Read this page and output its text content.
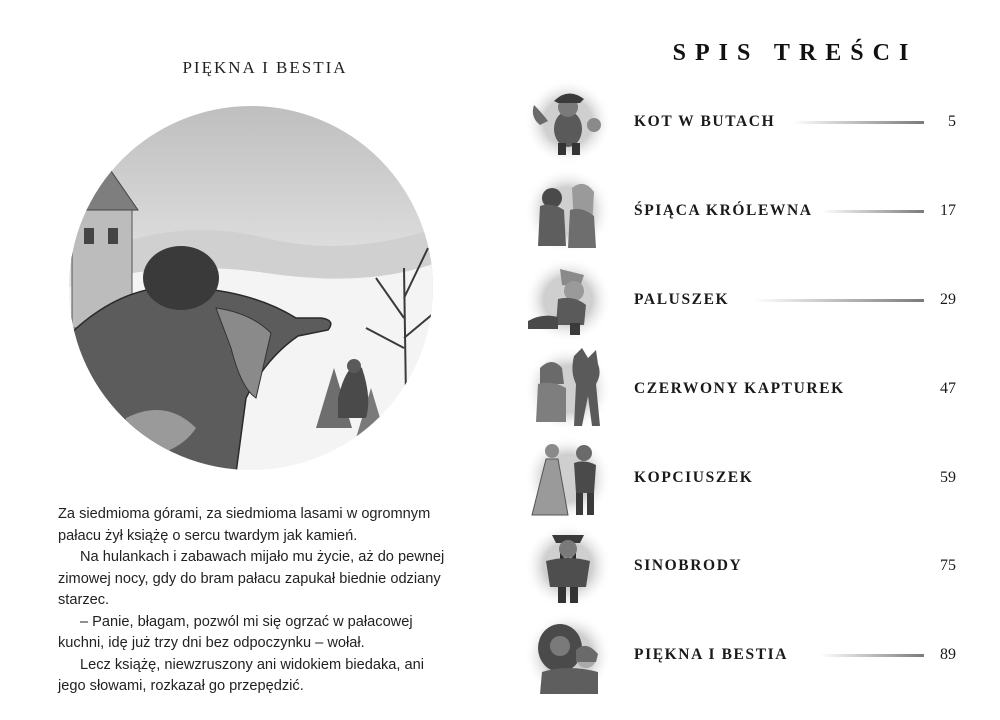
PIĘKNA I BESTIA

Za siedmioma górami, za siedmioma lasami w ogromnym pałacu żył książę o sercu twardym jak kamień.

Na hulankach i zabawach mijało mu życie, aż do pewnej zimowej nocy, gdy do bram pałacu zapukał biednie odziany starzec.

– Panie, błagam, pozwól mi się ogrzać w pałacowej kuchni, idę już trzy dni bez odpoczynku – wołał.

Lecz książę, niewzruszony ani widokiem biedaka, ani jego słowami, rozkazał go przepędzić.

SPIS TREŚCI
KOT W BUTACH	5
ŚPIĄCA KRÓLEWNA	17
PALUSZEK	29
CZERWONY KAPTUREK	47
KOPCIUSZEK	59
SINOBRODY	75
PIĘKNA I BESTIA	89
